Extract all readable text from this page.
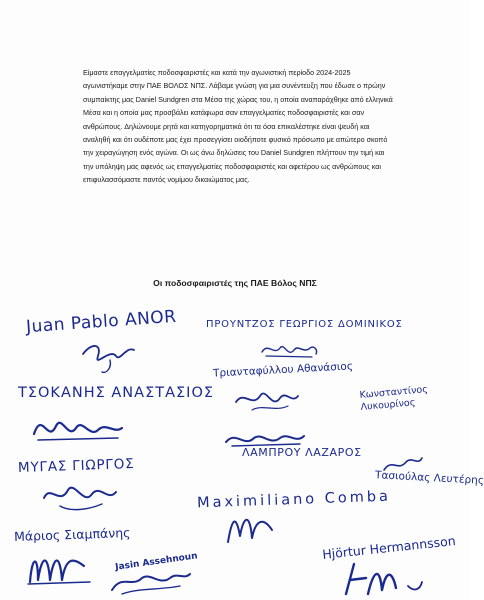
Είμαστε επαγγελματίες ποδοσφαιριστές και κατά την αγωνιστική περίοδο 2024-2025 αγωνιστήκαμε στην ΠΑΕ ΒΟΛΟΣ ΝΠΣ. Λάβαμε γνώση για μια συνέντευξη που έδωσε ο πρώην συμπαίκτης μας Daniel Sundgren στα Μέσα της χώρας του, η οποία αναπαράχθηκε από ελληνικά Μέσα και η οποία μας προσβάλει κατάφωρα σαν επαγγελματίες ποδοσφαιριστές και σαν ανθρώπους. Δηλώνουμε ρητά και κατηγορηματικά ότι τα όσα επικαλέστηκε είναι ψευδή και αναληθή και ότι ουδέποτε μας έχει προσεγγίσει οιοδήποτε φυσικό πρόσωπο με απώτερο σκοπό την χειραγώγηση ενός αγώνα. Οι ως άνω δηλώσεις του Daniel Sundgren πλήττουν την τιμή και την υπόληψη μας αφενός ως επαγγελματίες ποδοσφαιριστές και αφετέρου ως ανθρώπους και επιφυλασσόμαστε παντός νομίμου δικαιώματος μας.

Οι ποδοσφαιριστές της ΠΑΕ Βόλος ΝΠΣ

Juan Pablo ANOR	ΠΡΟΥΝΤΖΟΣ ΓΕΩΡΓΙΟΣ ΔΟΜΙΝΙΚΟΣ
Τριανταφύλλου Αθανάσιος
Κωνσταντίνος Λυκουρίνος
ΤΣΟΚΑΝΗΣ ΑΝΑΣΤΑΣΙΟΣ
ΛΑΜΠΡΟΥ ΛΑΖΑΡΟΣ
Τασιούλας Λευτέρης
ΜΥΓΑΣ ΓΙΩΡΓΟΣ
Maximiliano Comba
Μάριος Σιαμπάνης	Hjörtur Hermannsson
Jasin Assehnoun
